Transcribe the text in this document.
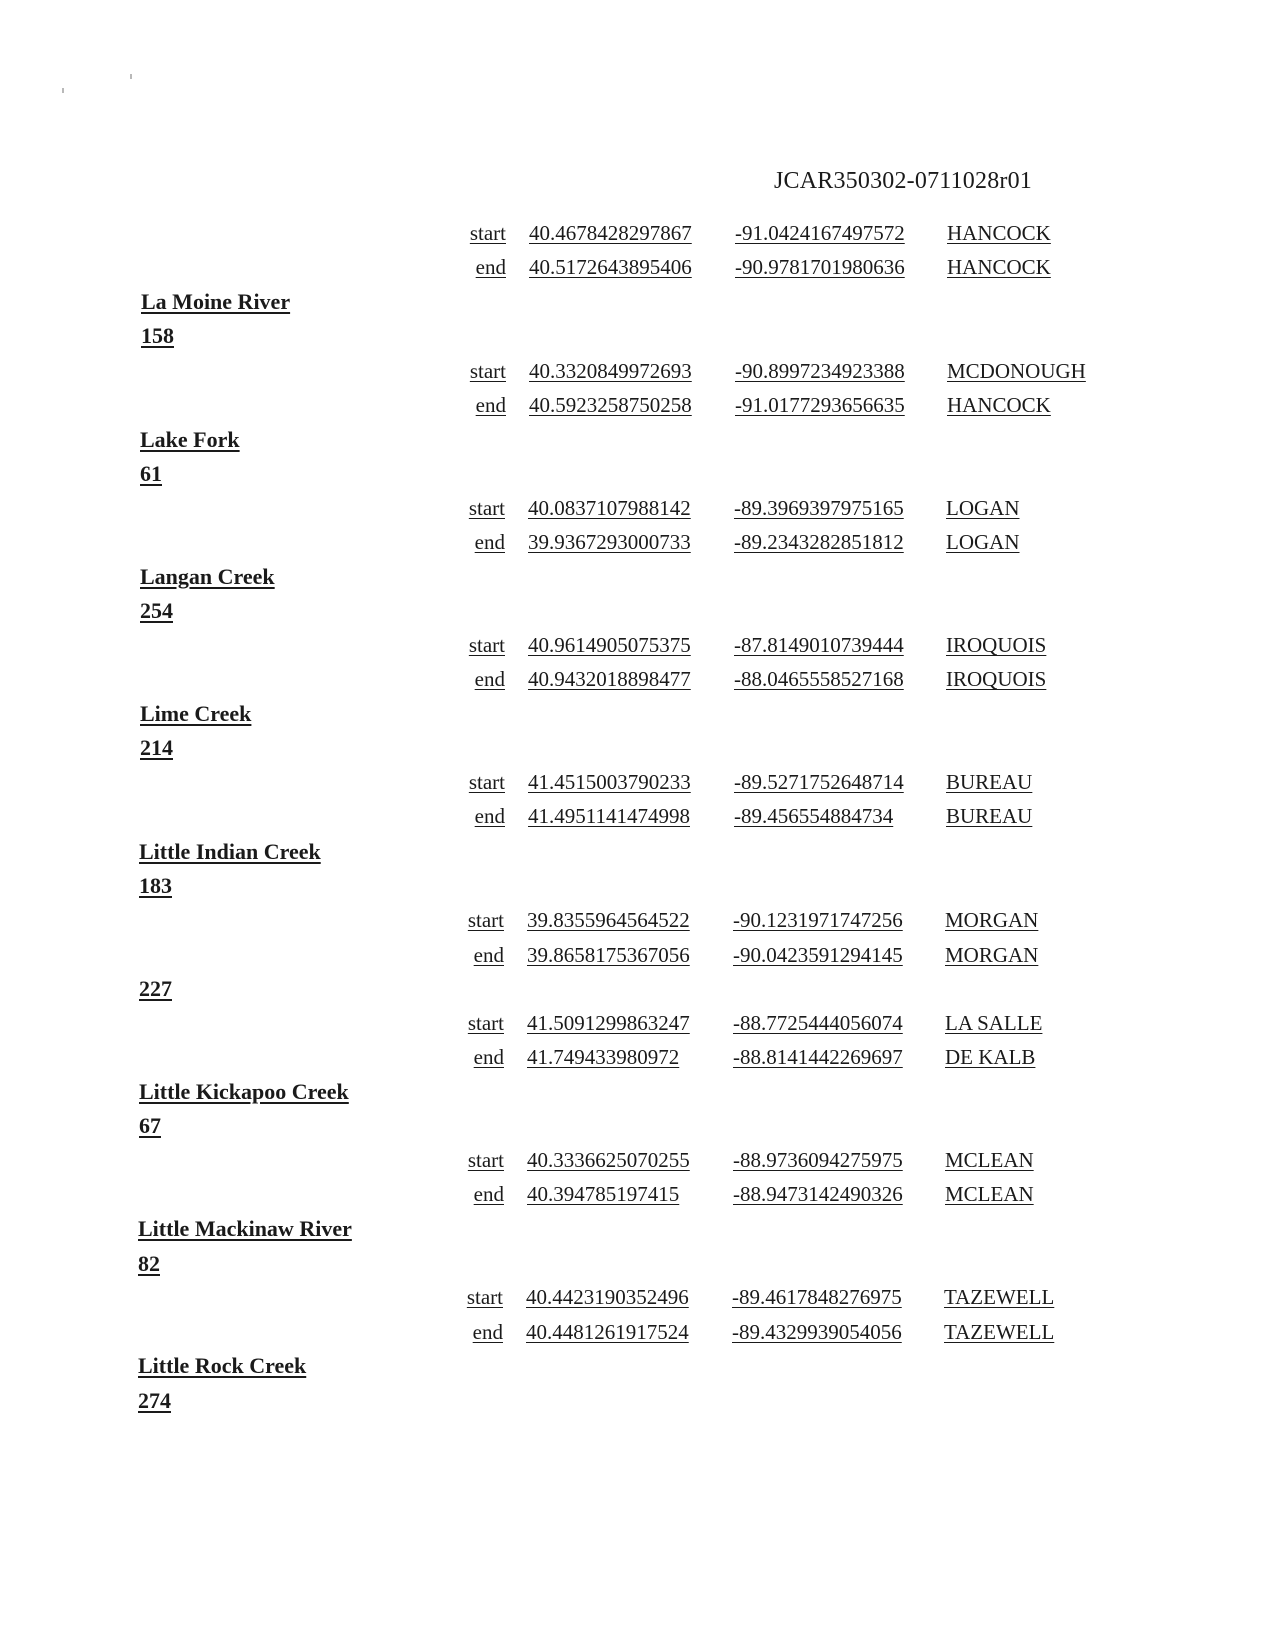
JCAR350302-0711028r01
start 40.4678428297867 -91.0424167497572 HANCOCK
end 40.5172643895406 -90.9781701980636 HANCOCK
La Moine River
158
start 40.3320849972693 -90.8997234923388 MCDONOUGH
end 40.5923258750258 -91.0177293656635 HANCOCK
Lake Fork
61
start 40.0837107988142 -89.3969397975165 LOGAN
end 39.9367293000733 -89.2343282851812 LOGAN
Langan Creek
254
start 40.9614905075375 -87.8149010739444 IROQUOIS
end 40.9432018898477 -88.0465558527168 IROQUOIS
Lime Creek
214
start 41.4515003790233 -89.5271752648714 BUREAU
end 41.4951141474998 -89.456554884734	BUREAU
Little Indian Creek
183
start 39.8355964564522 -90.1231971747256 MORGAN
end 39.8658175367056 -90.0423591294145 MORGAN
227
start 41.5091299863247 -88.7725444056074 LA SALLE
end 41.749433980972	-88.8141442269697 DE KALB
Little Kickapoo Creek
67
start 40.3336625070255 -88.9736094275975 MCLEAN
end 40.394785197415	-88.9473142490326 MCLEAN
Little Mackinaw River
82
start 40.4423190352496 -89.4617848276975 TAZEWELL
end 40.4481261917524 -89.4329939054056 TAZEWELL
Little Rock Creek
274
